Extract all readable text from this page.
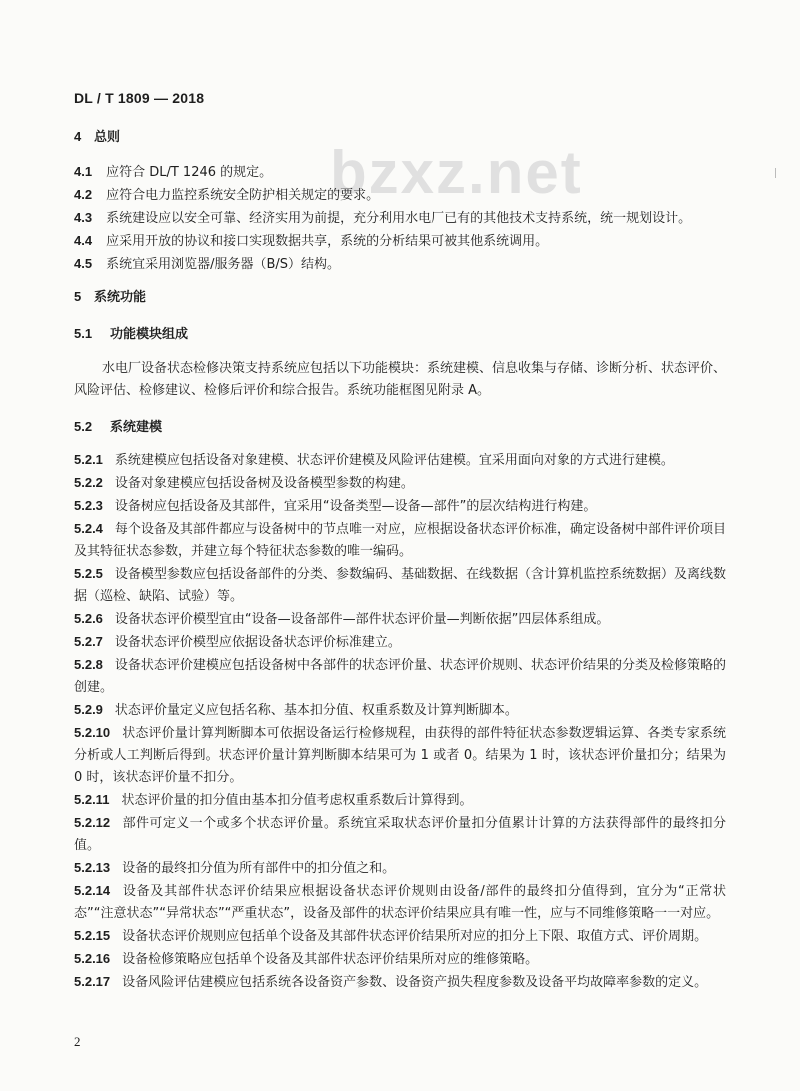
DL / T 1809 — 2018
bzxz.net

4 总则

4.1 应符合 DL/T 1246 的规定。

4.2 应符合电力监控系统安全防护相关规定的要求。

4.3 系统建设应以安全可靠、经济实用为前提，充分利用水电厂已有的其他技术支持系统，统一规划设计。

4.4 应采用开放的协议和接口实现数据共享，系统的分析结果可被其他系统调用。

4.5 系统宜采用浏览器/服务器（B/S）结构。

5 系统功能

5.1 功能模块组成

水电厂设备状态检修决策支持系统应包括以下功能模块：系统建模、信息收集与存储、诊断分析、状态评价、风险评估、检修建议、检修后评价和综合报告。系统功能框图见附录 A。

5.2 系统建模

5.2.1 系统建模应包括设备对象建模、状态评价建模及风险评估建模。宜采用面向对象的方式进行建模。

5.2.2 设备对象建模应包括设备树及设备模型参数的构建。

5.2.3 设备树应包括设备及其部件，宜采用“设备类型—设备—部件”的层次结构进行构建。

5.2.4 每个设备及其部件都应与设备树中的节点唯一对应，应根据设备状态评价标准，确定设备树中部件评价项目及其特征状态参数，并建立每个特征状态参数的唯一编码。

5.2.5 设备模型参数应包括设备部件的分类、参数编码、基础数据、在线数据（含计算机监控系统数据）及离线数据（巡检、缺陷、试验）等。

5.2.6 设备状态评价模型宜由“设备—设备部件—部件状态评价量—判断依据”四层体系组成。

5.2.7 设备状态评价模型应依据设备状态评价标准建立。

5.2.8 设备状态评价建模应包括设备树中各部件的状态评价量、状态评价规则、状态评价结果的分类及检修策略的创建。

5.2.9 状态评价量定义应包括名称、基本扣分值、权重系数及计算判断脚本。

5.2.10 状态评价量计算判断脚本可依据设备运行检修规程，由获得的部件特征状态参数逻辑运算、各类专家系统分析或人工判断后得到。状态评价量计算判断脚本结果可为 1 或者 0。结果为 1 时，该状态评价量扣分；结果为 0 时，该状态评价量不扣分。

5.2.11 状态评价量的扣分值由基本扣分值考虑权重系数后计算得到。

5.2.12 部件可定义一个或多个状态评价量。系统宜采取状态评价量扣分值累计计算的方法获得部件的最终扣分值。

5.2.13 设备的最终扣分值为所有部件中的扣分值之和。

5.2.14 设备及其部件状态评价结果应根据设备状态评价规则由设备/部件的最终扣分值得到，宜分为“正常状态”“注意状态”“异常状态”“严重状态”，设备及部件的状态评价结果应具有唯一性，应与不同维修策略一一对应。

5.2.15 设备状态评价规则应包括单个设备及其部件状态评价结果所对应的扣分上下限、取值方式、评价周期。

5.2.16 设备检修策略应包括单个设备及其部件状态评价结果所对应的维修策略。

5.2.17 设备风险评估建模应包括系统各设备资产参数、设备资产损失程度参数及设备平均故障率参数的定义。

2
